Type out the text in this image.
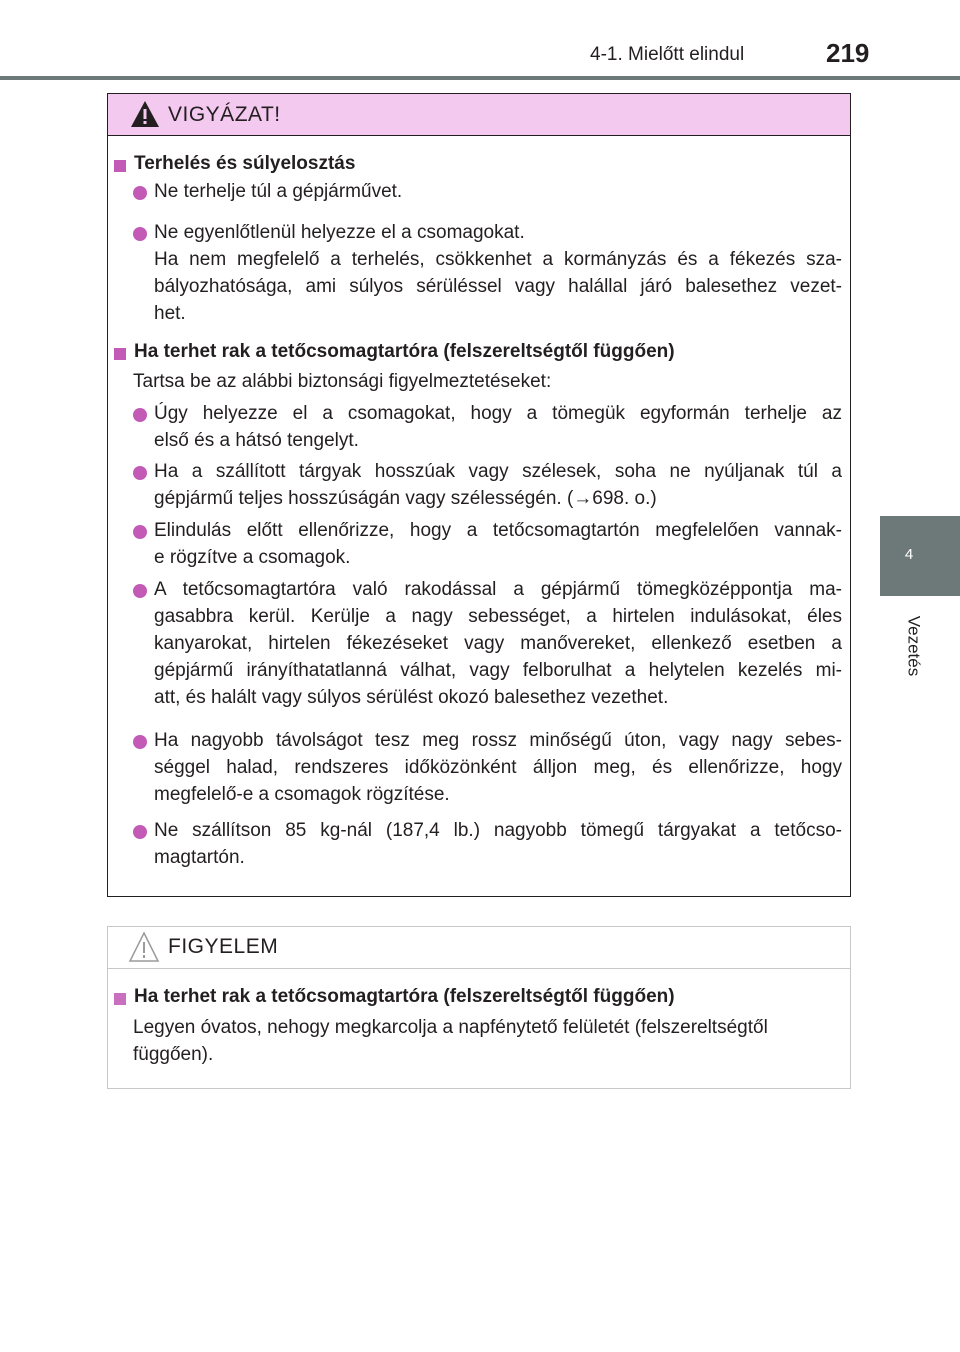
4-1. Mielőtt elindul	219
4
Vezetés
VIGYÁZAT!
Terhelés és súlyelosztás
Ne terhelje túl a gépjárművet.
Ne egyenlőtlenül helyezze el a csomagokat.
Ha nem megfelelő a terhelés, csökkenhet a kormányzás és a fékezés sza-
bályozhatósága, ami súlyos sérüléssel vagy halállal járó balesethez vezet-
het.
Ha terhet rak a tetőcsomagtartóra (felszereltségtől függően)
Tartsa be az alábbi biztonsági figyelmeztetéseket:
Úgy helyezze el a csomagokat, hogy a tömegük egyformán terhelje az
első és a hátsó tengelyt.
Ha a szállított tárgyak hosszúak vagy szélesek, soha ne nyúljanak túl a
gépjármű teljes hosszúságán vagy szélességén. (→698. o.)
Elindulás előtt ellenőrizze, hogy a tetőcsomagtartón megfelelően vannak-
e rögzítve a csomagok.
A tetőcsomagtartóra való rakodással a gépjármű tömegközéppontja ma-
gasabbra kerül. Kerülje a nagy sebességet, a hirtelen indulásokat, éles
kanyarokat, hirtelen fékezéseket vagy manővereket, ellenkező esetben a
gépjármű irányíthatatlanná válhat, vagy felborulhat a helytelen kezelés mi-
att, és halált vagy súlyos sérülést okozó balesethez vezethet.
Ha nagyobb távolságot tesz meg rossz minőségű úton, vagy nagy sebes-
séggel halad, rendszeres időközönként álljon meg, és ellenőrizze, hogy
megfelelő-e a csomagok rögzítése.
Ne szállítson 85 kg-nál (187,4 lb.) nagyobb tömegű tárgyakat a tetőcso-
magtartón.
FIGYELEM
Ha terhet rak a tetőcsomagtartóra (felszereltségtől függően)
Legyen óvatos, nehogy megkarcolja a napfénytető felületét (felszereltségtől
függően).
